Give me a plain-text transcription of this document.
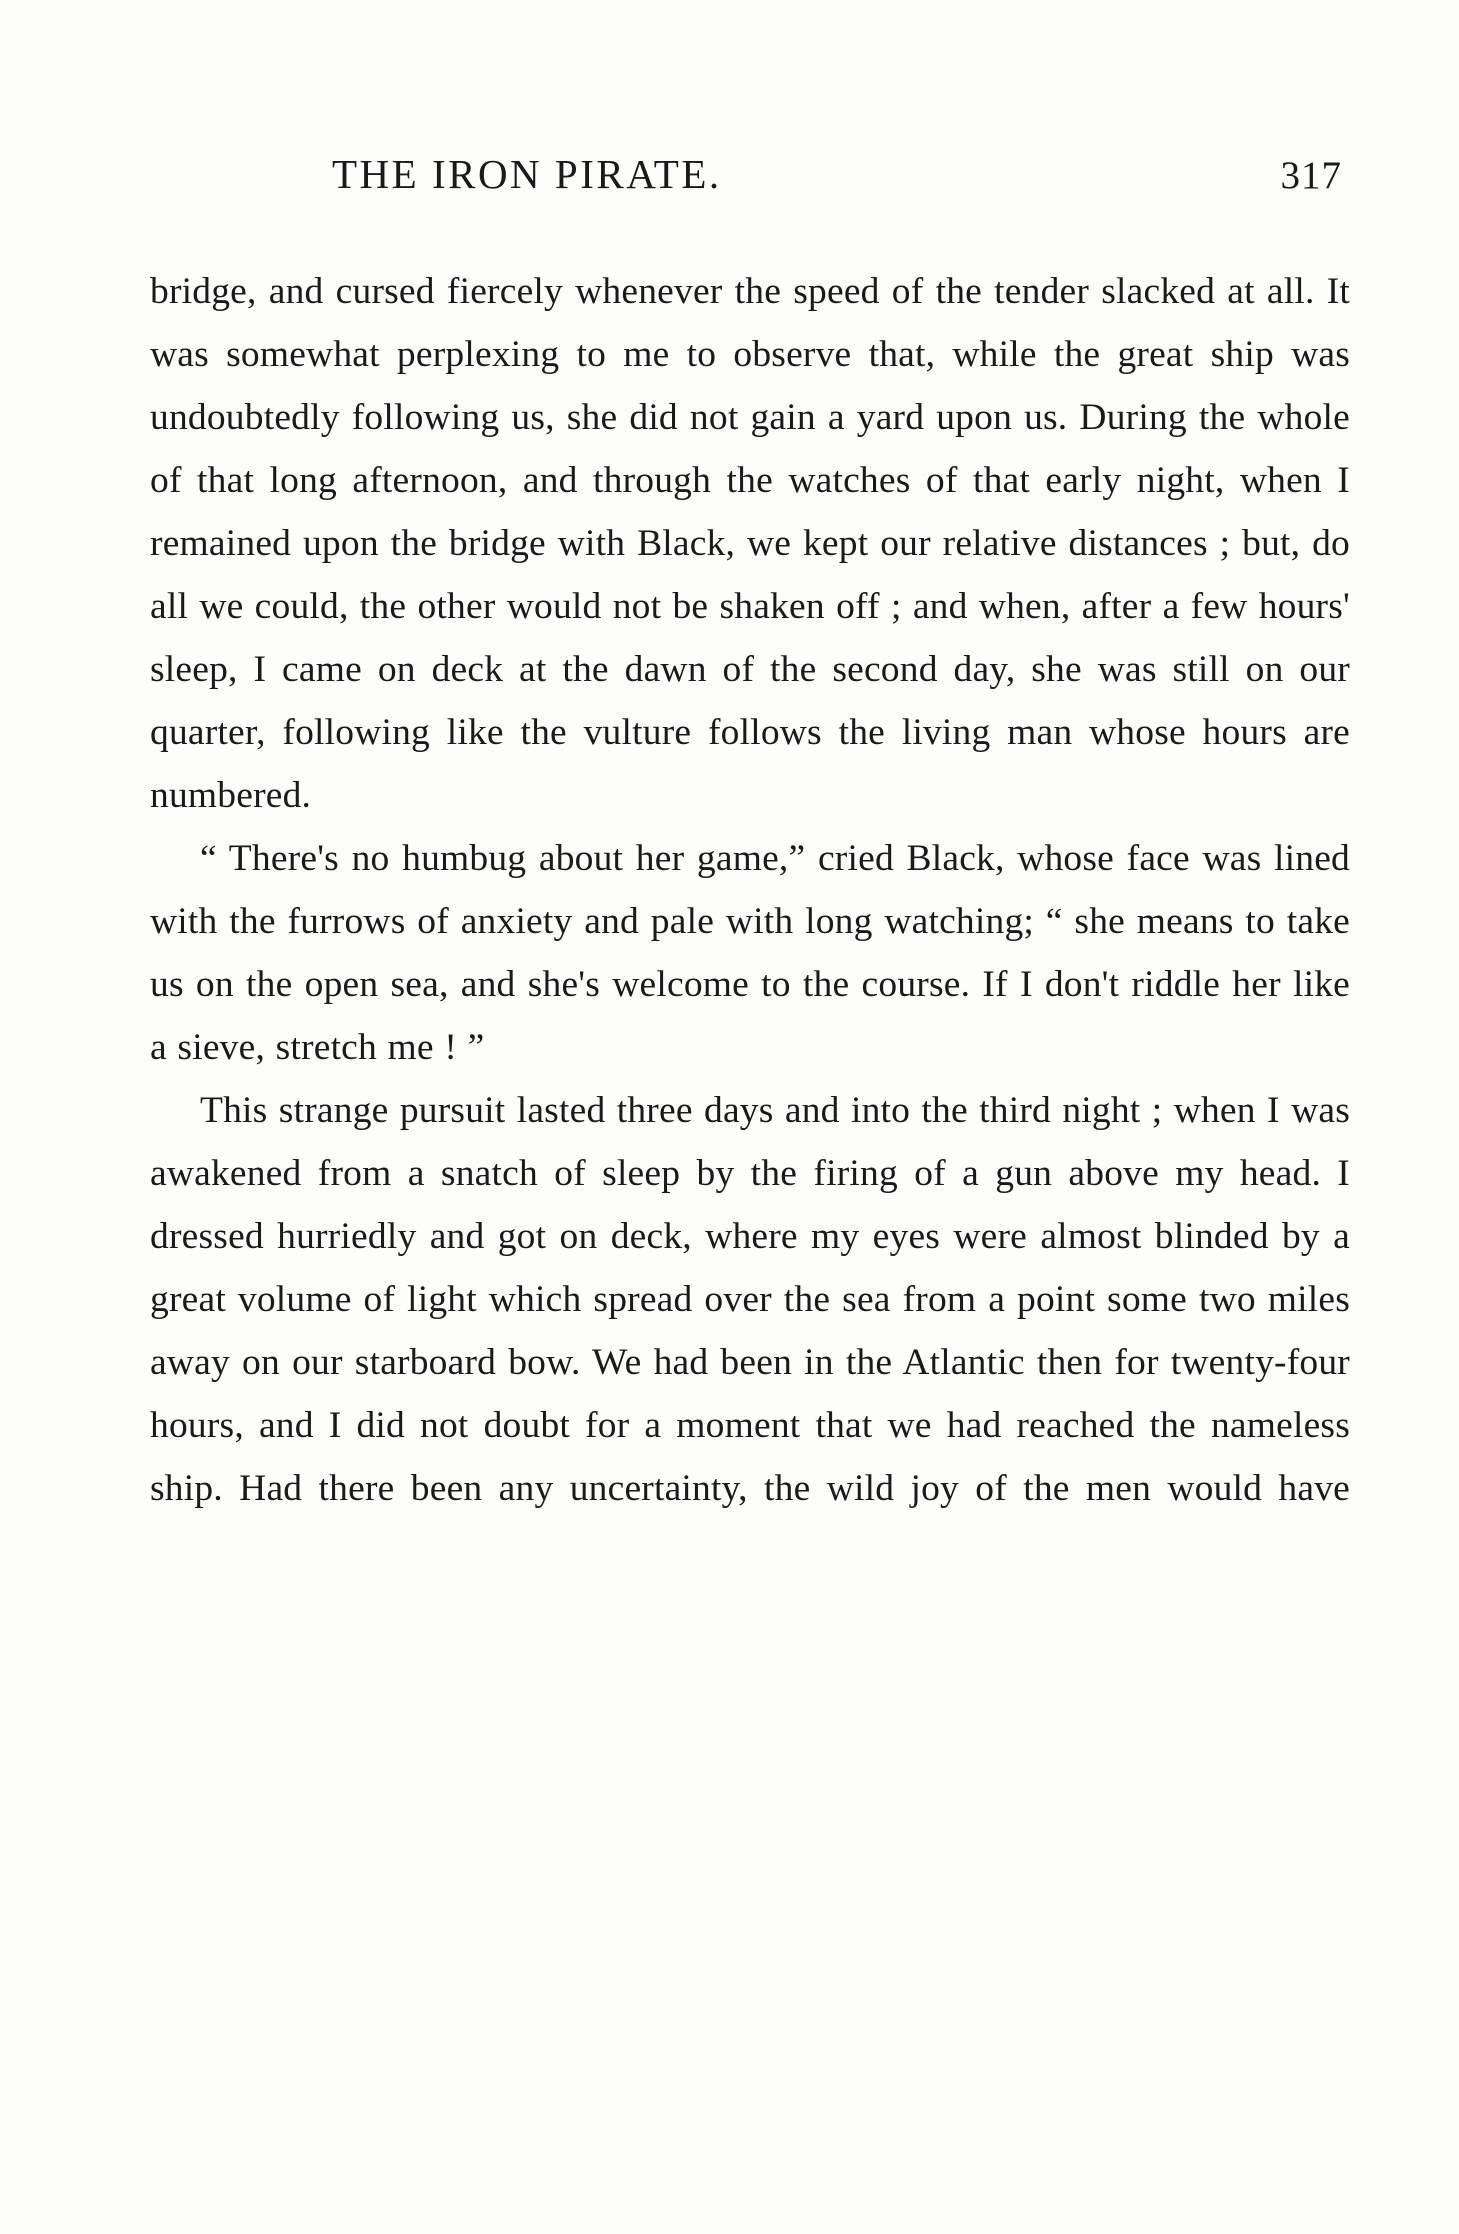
THE IRON PIRATE.	317

bridge, and cursed fiercely whenever the speed of the tender slacked at all. It was somewhat perplexing to me to observe that, while the great ship was undoubtedly following us, she did not gain a yard upon us. During the whole of that long afternoon, and through the watches of that early night, when I remained upon the bridge with Black, we kept our relative distances ; but, do all we could, the other would not be shaken off ; and when, after a few hours' sleep, I came on deck at the dawn of the second day, she was still on our quarter, following like the vulture follows the living man whose hours are numbered.

“ There's no humbug about her game,” cried Black, whose face was lined with the furrows of anxiety and pale with long watching; “ she means to take us on the open sea, and she's welcome to the course. If I don't riddle her like a sieve, stretch me ! ”

This strange pursuit lasted three days and into the third night ; when I was awakened from a snatch of sleep by the firing of a gun above my head. I dressed hurriedly and got on deck, where my eyes were almost blinded by a great volume of light which spread over the sea from a point some two miles away on our starboard bow. We had been in the Atlantic then for twenty-four hours, and I did not doubt for a moment that we had reached the nameless ship. Had there been any uncertainty, the wild joy of the men would have
